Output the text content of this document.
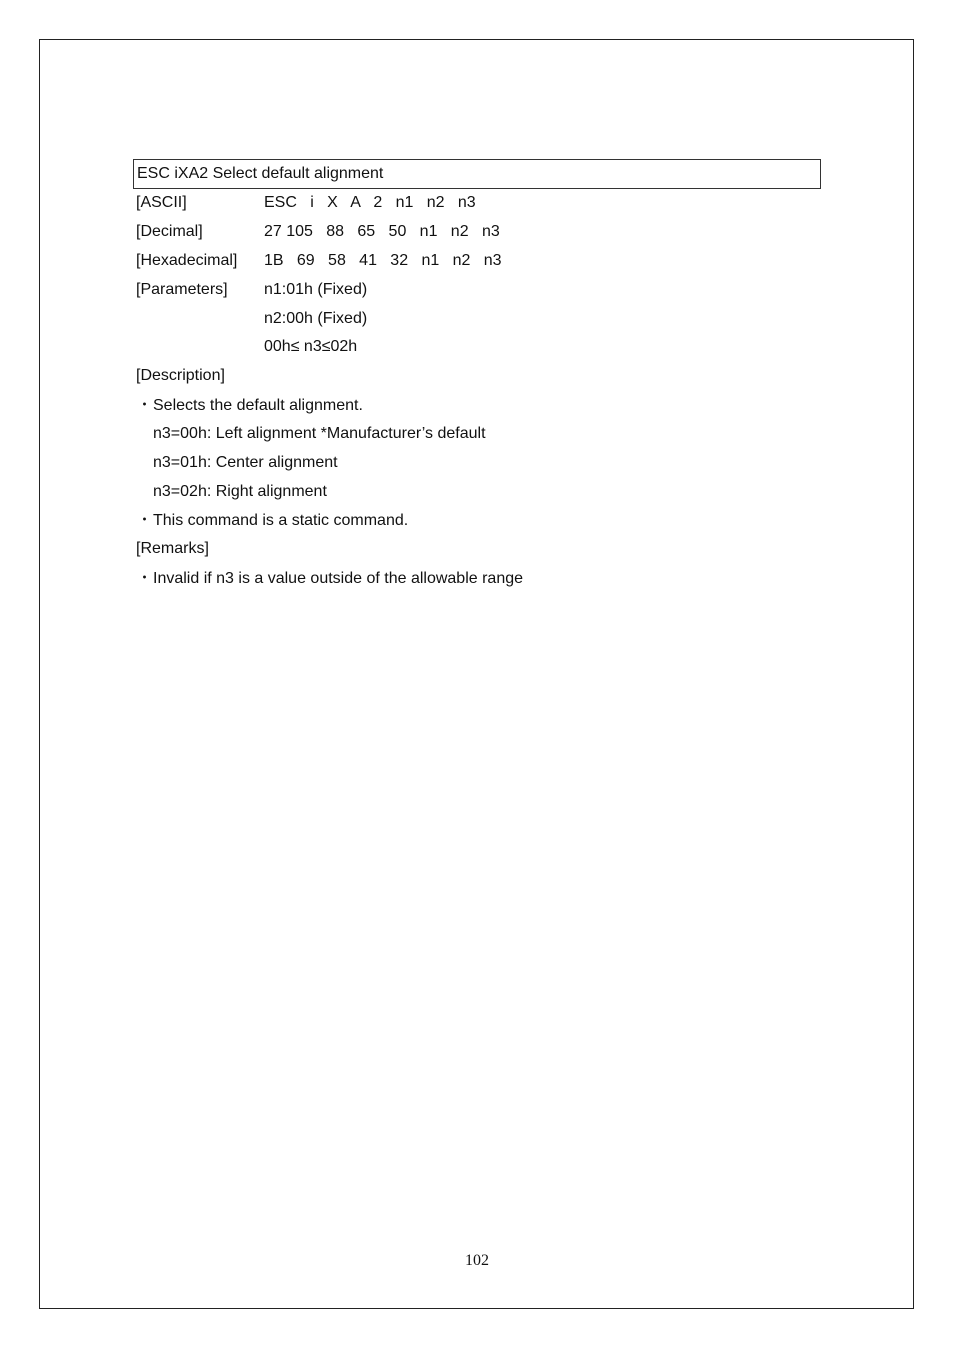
ESC iXA2 Select default alignment
[ASCII]	ESC   i   X   A   2   n1   n2   n3
[Decimal]	27 105   88   65   50   n1   n2   n3
[Hexadecimal] 1B   69   58   41   32   n1   n2   n3
[Parameters] n1:01h (Fixed)
n2:00h (Fixed)
00h≤ n3≤02h
[Description]
・ Selects the default alignment.
n3=00h: Left alignment *Manufacturer’s default
n3=01h: Center alignment
n3=02h: Right alignment
・ This command is a static command.
[Remarks]
・ Invalid if n3 is a value outside of the allowable range
102
